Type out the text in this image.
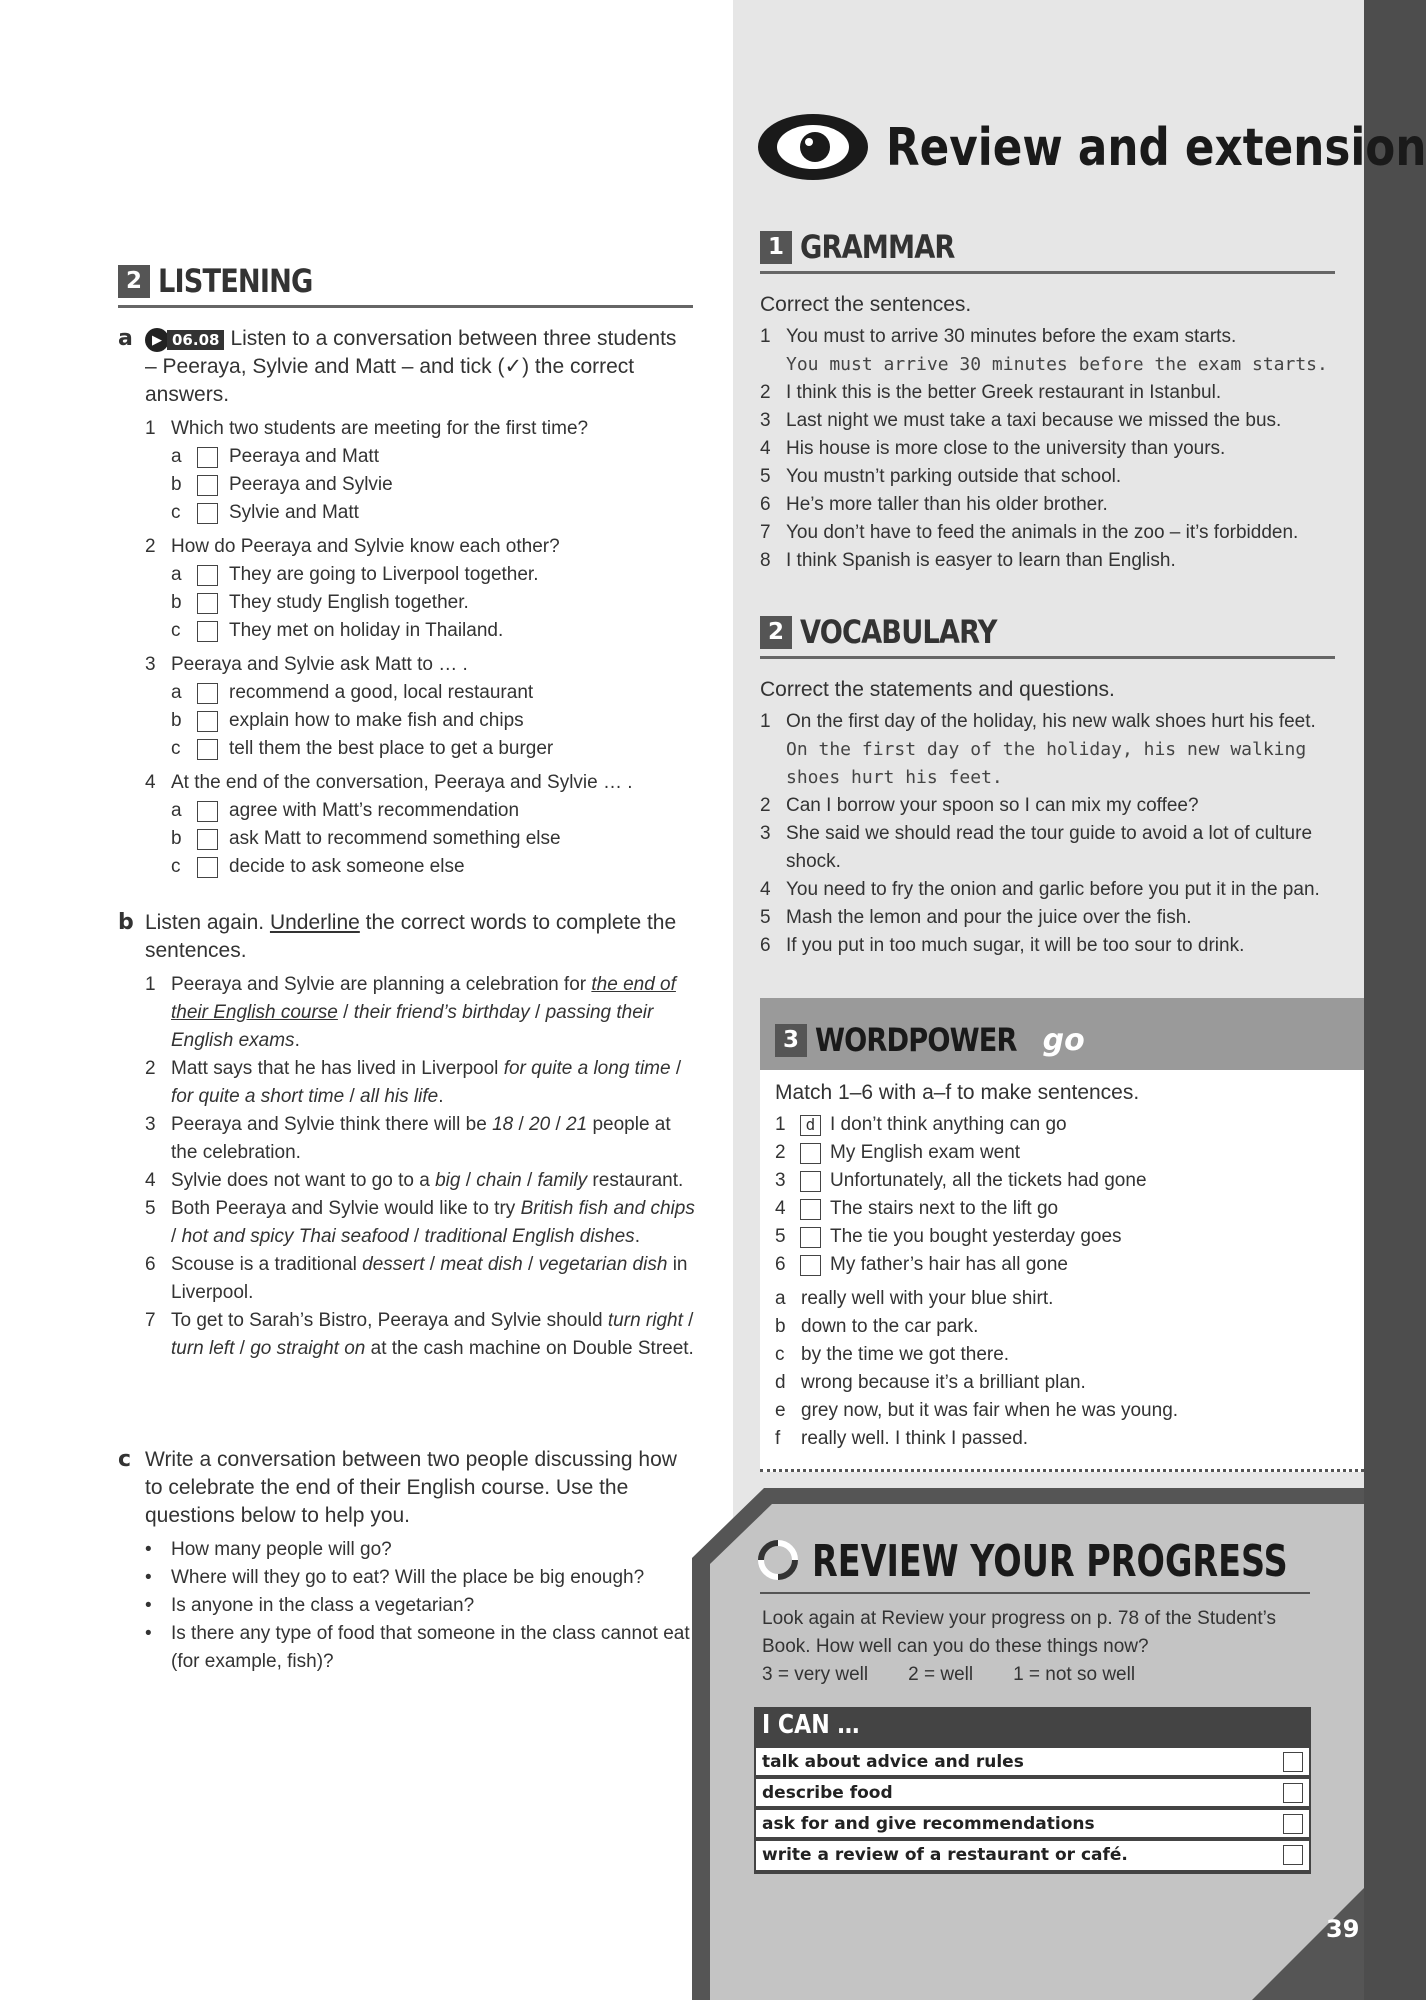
Review and extension
2 LISTENING
a	▶ 06.08 Listen to a conversation between three students – Peeraya, Sylvie and Matt – and tick (✓) the correct answers.

1 Which two students are meeting for the first time?
a Peeraya and Matt
b Peeraya and Sylvie
c	Sylvie and Matt
2 How do Peeraya and Sylvie know each other?
a They are going to Liverpool together.
b They study English together.
c	They met on holiday in Thailand.
3 Peeraya and Sylvie ask Matt to … .
a recommend a good, local restaurant
b explain how to make fish and chips
c	tell them the best place to get a burger
4 At the end of the conversation, Peeraya and Sylvie … .
a agree with Matt’s recommendation
b ask Matt to recommend something else
c	decide to ask someone else
b Listen again. Underline the correct words to complete the sentences.

1 Peeraya and Sylvie are planning a celebration for the end of their English course / their friend’s birthday / passing their English exams.
2 Matt says that he has lived in Liverpool for quite a long time / for quite a short time / all his life.
3 Peeraya and Sylvie think there will be 18 / 20 / 21 people at the celebration.
4 Sylvie does not want to go to a big / chain / family restaurant.
5 Both Peeraya and Sylvie would like to try British fish and chips / hot and spicy Thai seafood / traditional English dishes.
6 Scouse is a traditional dessert / meat dish / vegetarian dish in Liverpool.
7 To get to Sarah’s Bistro, Peeraya and Sylvie should turn right / turn left / go straight on at the cash machine on Double Street.
c Write a conversation between two people discussing how to celebrate the end of their English course. Use the questions below to help you.

• How many people will go?
• Where will they go to eat? Will the place be big enough?
• Is anyone in the class a vegetarian?
• Is there any type of food that someone in the class cannot eat (for example, fish)?
1 GRAMMAR

Correct the sentences.

1 You must to arrive 30 minutes before the exam starts.
You must arrive 30 minutes before the exam starts.
2 I think this is the better Greek restaurant in Istanbul.
3 Last night we must take a taxi because we missed the bus.
4 His house is more close to the university than yours.
5 You mustn’t parking outside that school.
6 He’s more taller than his older brother.
7 You don’t have to feed the animals in the zoo – it’s forbidden.
8 I think Spanish is easyer to learn than English.
2 VOCABULARY

Correct the statements and questions.

1 On the first day of the holiday, his new walk shoes hurt his feet.
On the first day of the holiday, his new walking shoes hurt his feet.
2 Can I borrow your spoon so I can mix my coffee?
3 She said we should read the tour guide to avoid a lot of culture shock.
4 You need to fry the onion and garlic before you put it in the pan.
5 Mash the lemon and pour the juice over the fish.
6 If you put in too much sugar, it will be too sour to drink.
3 WORDPOWER go

Match 1–6 with a–f to make sentences.

1	d I don’t think anything can go
2 My English exam went
3 Unfortunately, all the tickets had gone
4 The stairs next to the lift go
5 The tie you bought yesterday goes
6 My father’s hair has all gone
a really well with your blue shirt.
b down to the car park.
c by the time we got there.
d wrong because it’s a brilliant plan.
e grey now, but it was fair when he was young.
f really well. I think I passed.
REVIEW YOUR PROGRESS

Look again at Review your progress on p. 78 of the Student’s Book. How well can you do these things now?

3 = very well 2 = well 1 = not so well
I CAN …
talk about advice and rules
describe food
ask for and give recommendations
write a review of a restaurant or café.
39
